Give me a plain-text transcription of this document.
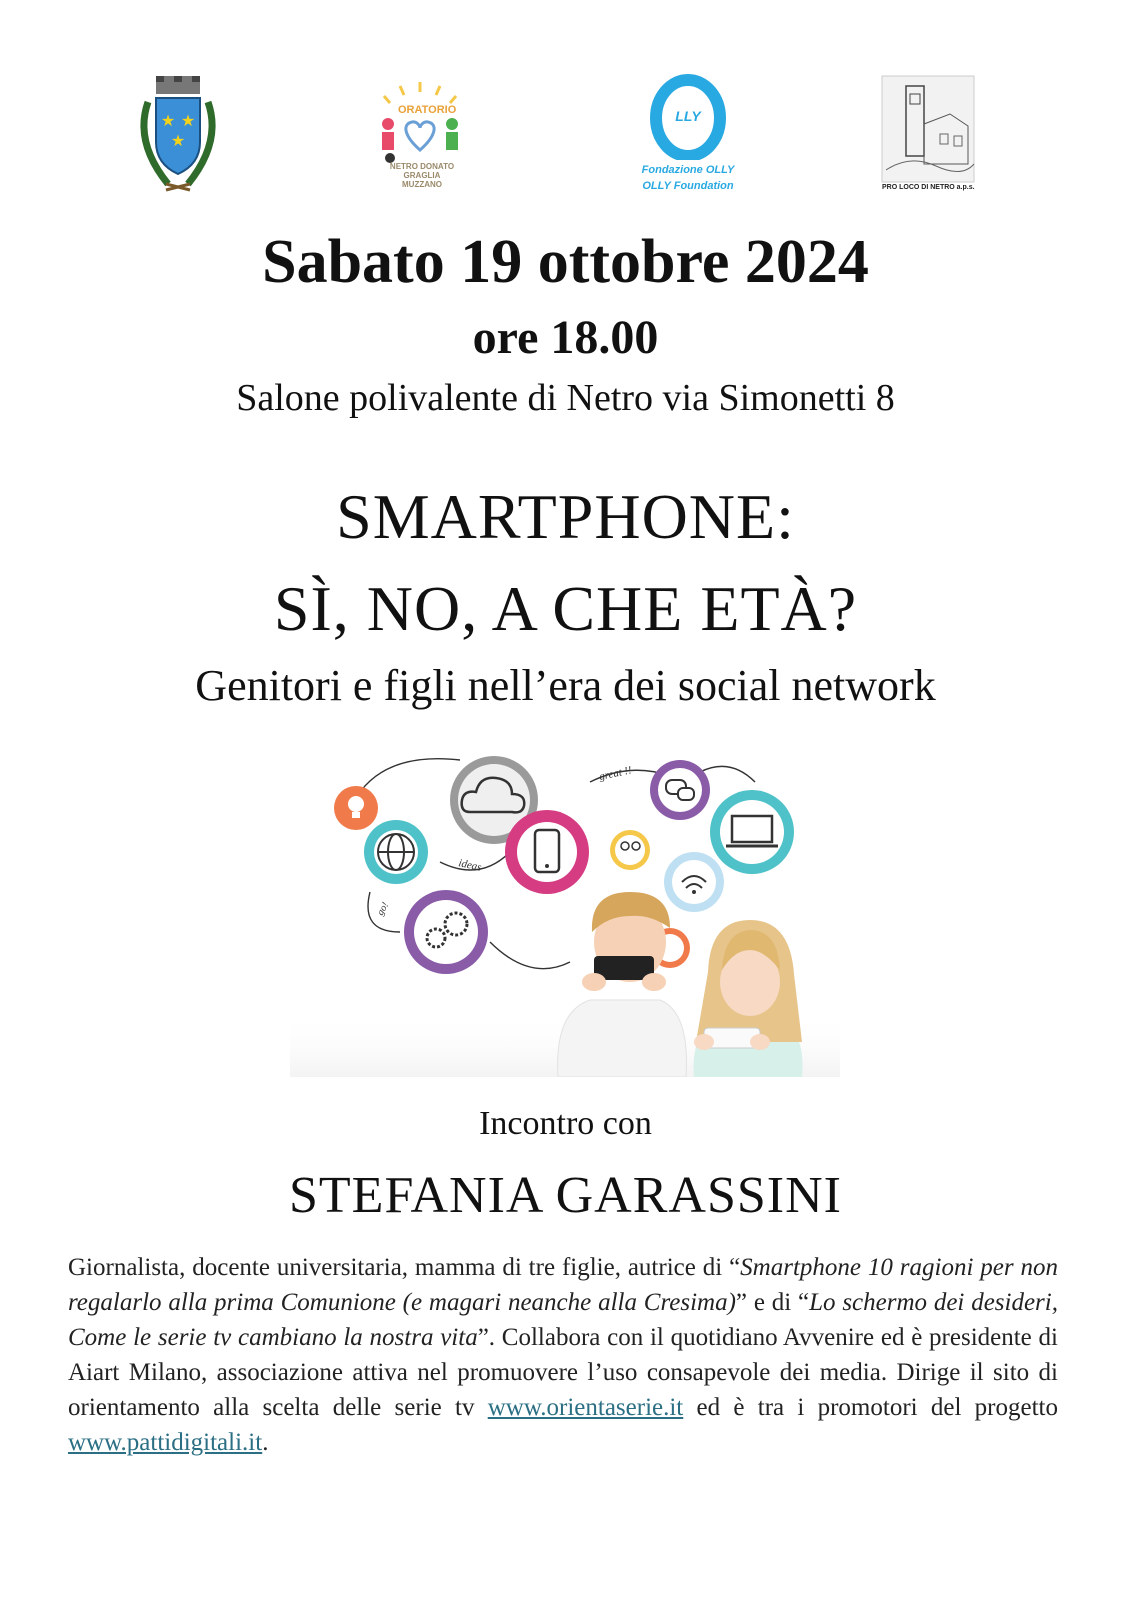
★ ★
★
ORATORIO
NETRO DONATO GRAGLIA MUZZANO
LLY
Fondazione OLLY
OLLY Foundation	PRO LOCO DI NETRO a.p.s.
Sabato 19 ottobre 2024
ore 18.00
Salone polivalente di Netro via Simonetti 8
SMARTPHONE:
SÌ, NO, A CHE ETÀ?
Genitori e figli nell’era dei social network
great !!
ideas
go!
Incontro con
STEFANIA GARASSINI
Giornalista, docente universitaria, mamma di tre figlie, autrice di “Smartphone 10 ragioni per non regalarlo alla prima Comunione (e magari neanche alla Cresima)” e di “Lo schermo dei desideri, Come le serie tv cambiano la nostra vita”. Collabora con il quotidiano Avvenire ed è presidente di Aiart Milano, associazione attiva nel promuovere l’uso consapevole dei media. Dirige il sito di orientamento alla scelta delle serie tv www.orientaserie.it ed è tra i promotori del progetto www.pattidigitali.it.
